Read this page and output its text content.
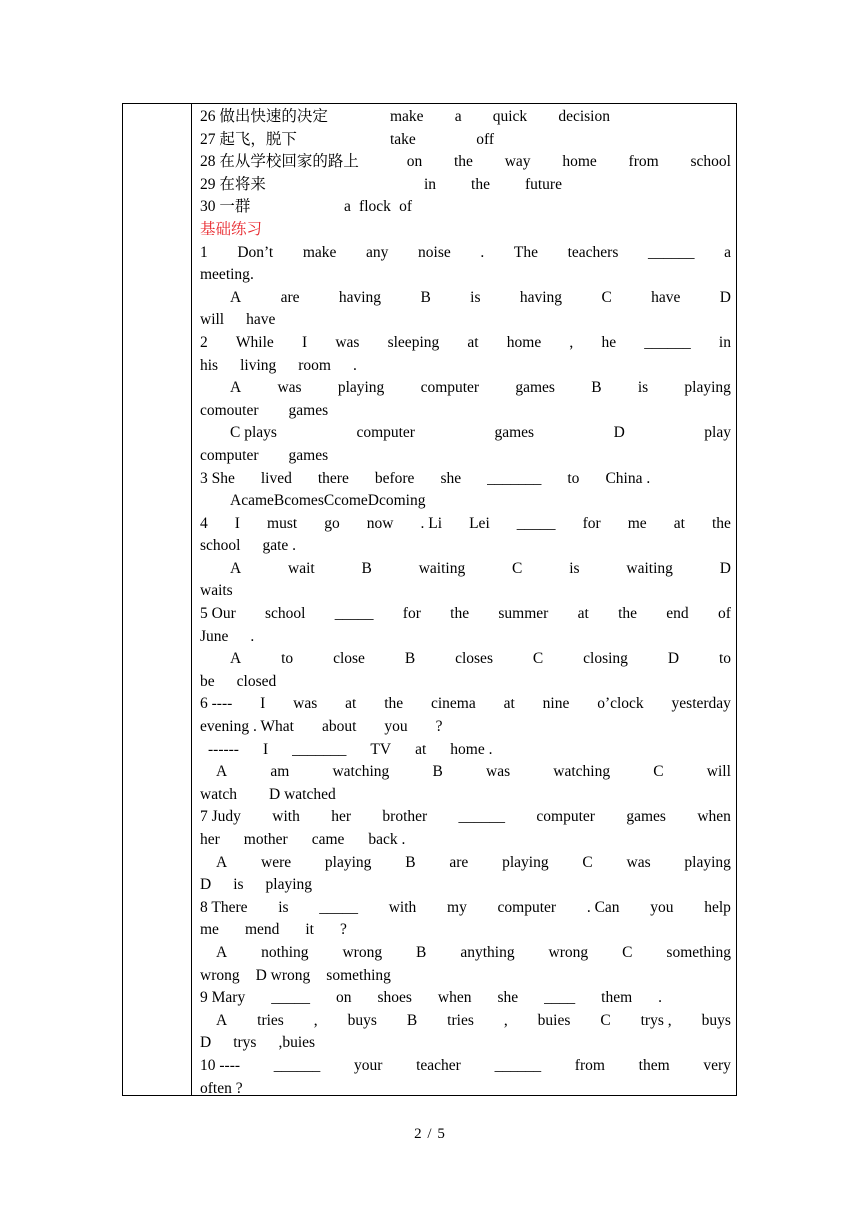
26 做出快速的决定	make a quick decision
27 起飞，脱下	take	off
28 在从学校回家的路上	on the way home from school
29 在将来	in the future
30 一群	a flock of
基础练习
1 Don’t make any noise . The teachers ______ a
meeting.
A	are	having	B	is	having	C	have	D
will have
2 While I was sleeping at home , he ______ in
his living room .
A was playing computer games B is playing
comouter games
C plays	computer	games	D	play
computer games
3 She lived there before she _______ to China .
AcameBcomesCcomeDcoming
4 I must go now . Li Lei _____ for me at the
school gate .
A	wait	B	waiting	C	is	waiting	D
waits
5 Our school _____ for the summer at the end of
June .
A	to	close	B	closes	C	closing	D	to
be closed
6 ---- I was at the cinema at nine o’clock yesterday
evening . What about you ?
------ I _______ TV at home .
A	am	watching	B	was	watching	C	will
watch D watched
7 Judy with her brother ______ computer games when
her mother came back .
A were playing B are playing C was playing
D is playing
8 There is _____ with my computer . Can you help
me mend it ?
A nothing wrong B anything wrong C something
wrong D wrong something
9 Mary _____ on shoes when she ____ them .
A tries , buys B tries , buies C trys , buys
D trys ,buies
10 ---- ______ your teacher ______ from them very
often ?
2 / 5
